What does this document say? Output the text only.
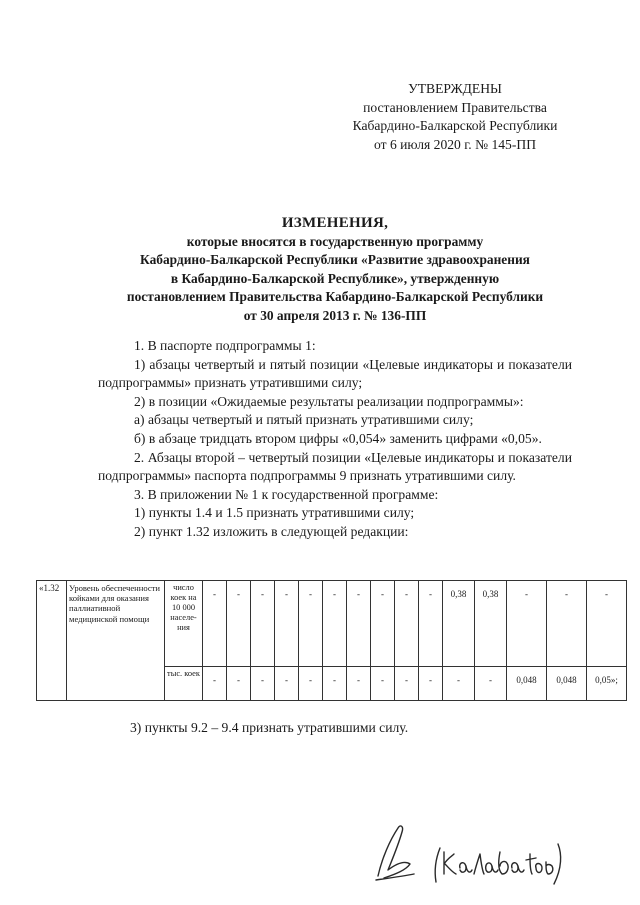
УТВЕРЖДЕНЫ
постановлением Правительства
Кабардино-Балкарской Республики
от 6 июля 2020 г. № 145-ПП
ИЗМЕНЕНИЯ,
которые вносятся в государственную программу
Кабардино-Балкарской Республики «Развитие здравоохранения
в Кабардино-Балкарской Республике», утвержденную
постановлением Правительства Кабардино-Балкарской Республики
от 30 апреля 2013 г. № 136-ПП

1. В паспорте подпрограммы 1:

1) абзацы четвертый и пятый позиции «Целевые индикаторы и показатели подпрограммы» признать утратившими силу;

2) в позиции «Ожидаемые результаты реализации подпрограммы»:

а) абзацы четвертый и пятый признать утратившими силу;

б) в абзаце тридцать втором цифры «0,054» заменить цифрами «0,05».

2. Абзацы второй – четвертый позиции «Целевые индикаторы и показатели подпрограммы» паспорта подпрограммы 9 признать утратившими силу.

3. В приложении № 1 к государственной программе:

1) пункты 1.4 и 1.5 признать утратившими силу;

2) пункт 1.32 изложить в следующей редакции:

«1.32	Уровень обеспеченности койками для оказания паллиативной медицинской помощи	число коек на 10 000 населе-ния	-	-	-	-	-	-	-	-	-	-	0,38	0,38	-	-	-
		тыс. коек	-	-	-	-	-	-	-	-	-	-	-	-	0,048	0,048	0,05»;
3) пункты 9.2 – 9.4 признать утратившими силу.
